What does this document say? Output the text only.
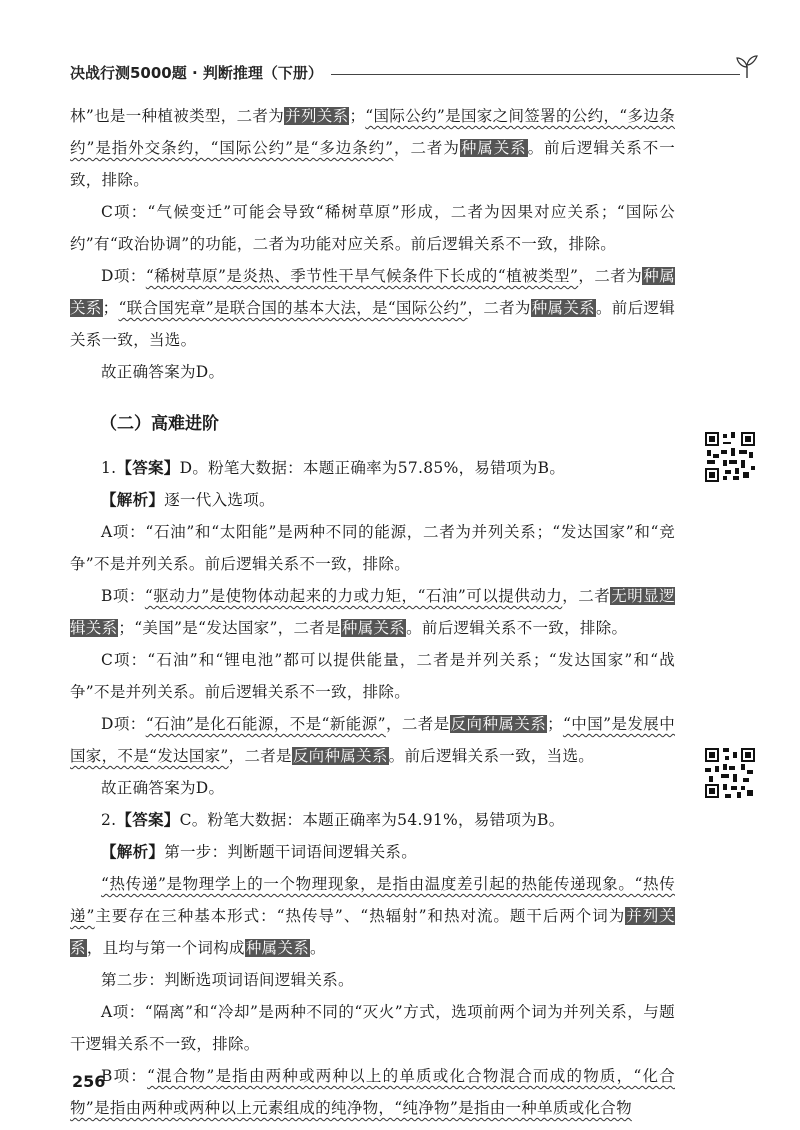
决战行测5000题 · 判断推理（下册）

林”也是一种植被类型，二者为并列关系；“国际公约”是国家之间签署的公约，“多边条约”是指外交条约，“国际公约”是“多边条约”，二者为种属关系。前后逻辑关系不一致，排除。

C项：“气候变迁”可能会导致“稀树草原”形成，二者为因果对应关系；“国际公约”有“政治协调”的功能，二者为功能对应关系。前后逻辑关系不一致，排除。

D项：“稀树草原”是炎热、季节性干旱气候条件下长成的“植被类型”，二者为种属关系；“联合国宪章”是联合国的基本大法，是“国际公约”，二者为种属关系。前后逻辑关系一致，当选。

故正确答案为D。

（二）高难进阶

1.【答案】D。粉笔大数据：本题正确率为57.85%，易错项为B。

【解析】逐一代入选项。

A项：“石油”和“太阳能”是两种不同的能源，二者为并列关系；“发达国家”和“竞争”不是并列关系。前后逻辑关系不一致，排除。

B项：“驱动力”是使物体动起来的力或力矩，“石油”可以提供动力，二者无明显逻辑关系；“美国”是“发达国家”，二者是种属关系。前后逻辑关系不一致，排除。

C项：“石油”和“锂电池”都可以提供能量，二者是并列关系；“发达国家”和“战争”不是并列关系。前后逻辑关系不一致，排除。

D项：“石油”是化石能源，不是“新能源”，二者是反向种属关系；“中国”是发展中国家，不是“发达国家”，二者是反向种属关系。前后逻辑关系一致，当选。

故正确答案为D。

2.【答案】C。粉笔大数据：本题正确率为54.91%，易错项为B。

【解析】第一步：判断题干词语间逻辑关系。

“热传递”是物理学上的一个物理现象，是指由温度差引起的热能传递现象。“热传递”主要存在三种基本形式：“热传导”、“热辐射”和热对流。题干后两个词为并列关系，且均与第一个词构成种属关系。

第二步：判断选项词语间逻辑关系。

A项：“隔离”和“冷却”是两种不同的“灭火”方式，选项前两个词为并列关系，与题干逻辑关系不一致，排除。

B项：“混合物”是指由两种或两种以上的单质或化合物混合而成的物质，“化合物”是指由两种或两种以上元素组成的纯净物，“纯净物”是指由一种单质或化合物

256
